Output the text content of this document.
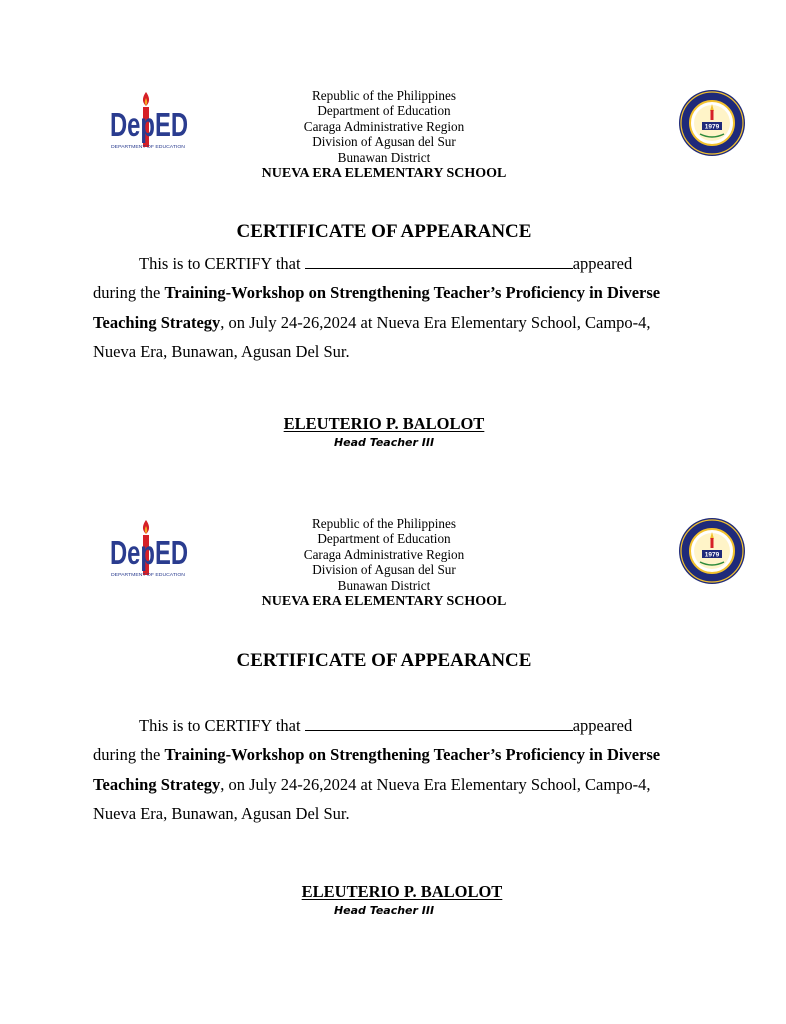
DepED
DEPARTMENT OF EDUCATION
Republic of the Philippines
Department of Education
Caraga Administrative Region
Division of Agusan del Sur
Bunawan District
NUEVA ERA ELEMENTARY SCHOOL
1979
CERTIFICATE OF APPEARANCE

This is to CERTIFY that	appeared

during the Training-Workshop on Strengthening Teacher’s Proficiency in Diverse Teaching Strategy, on July 24-26,2024 at Nueva Era Elementary School, Campo-4, Nueva Era, Bunawan, Agusan Del Sur.

ELEUTERIO P. BALOLOT
Head Teacher III
DepED
DEPARTMENT OF EDUCATION
Republic of the Philippines
Department of Education
Caraga Administrative Region
Division of Agusan del Sur
Bunawan District
NUEVA ERA ELEMENTARY SCHOOL
1979
CERTIFICATE OF APPEARANCE

This is to CERTIFY that	appeared

during the Training-Workshop on Strengthening Teacher’s Proficiency in Diverse Teaching Strategy, on July 24-26,2024 at Nueva Era Elementary School, Campo-4, Nueva Era, Bunawan, Agusan Del Sur.

ELEUTERIO P. BALOLOT
Head Teacher III
